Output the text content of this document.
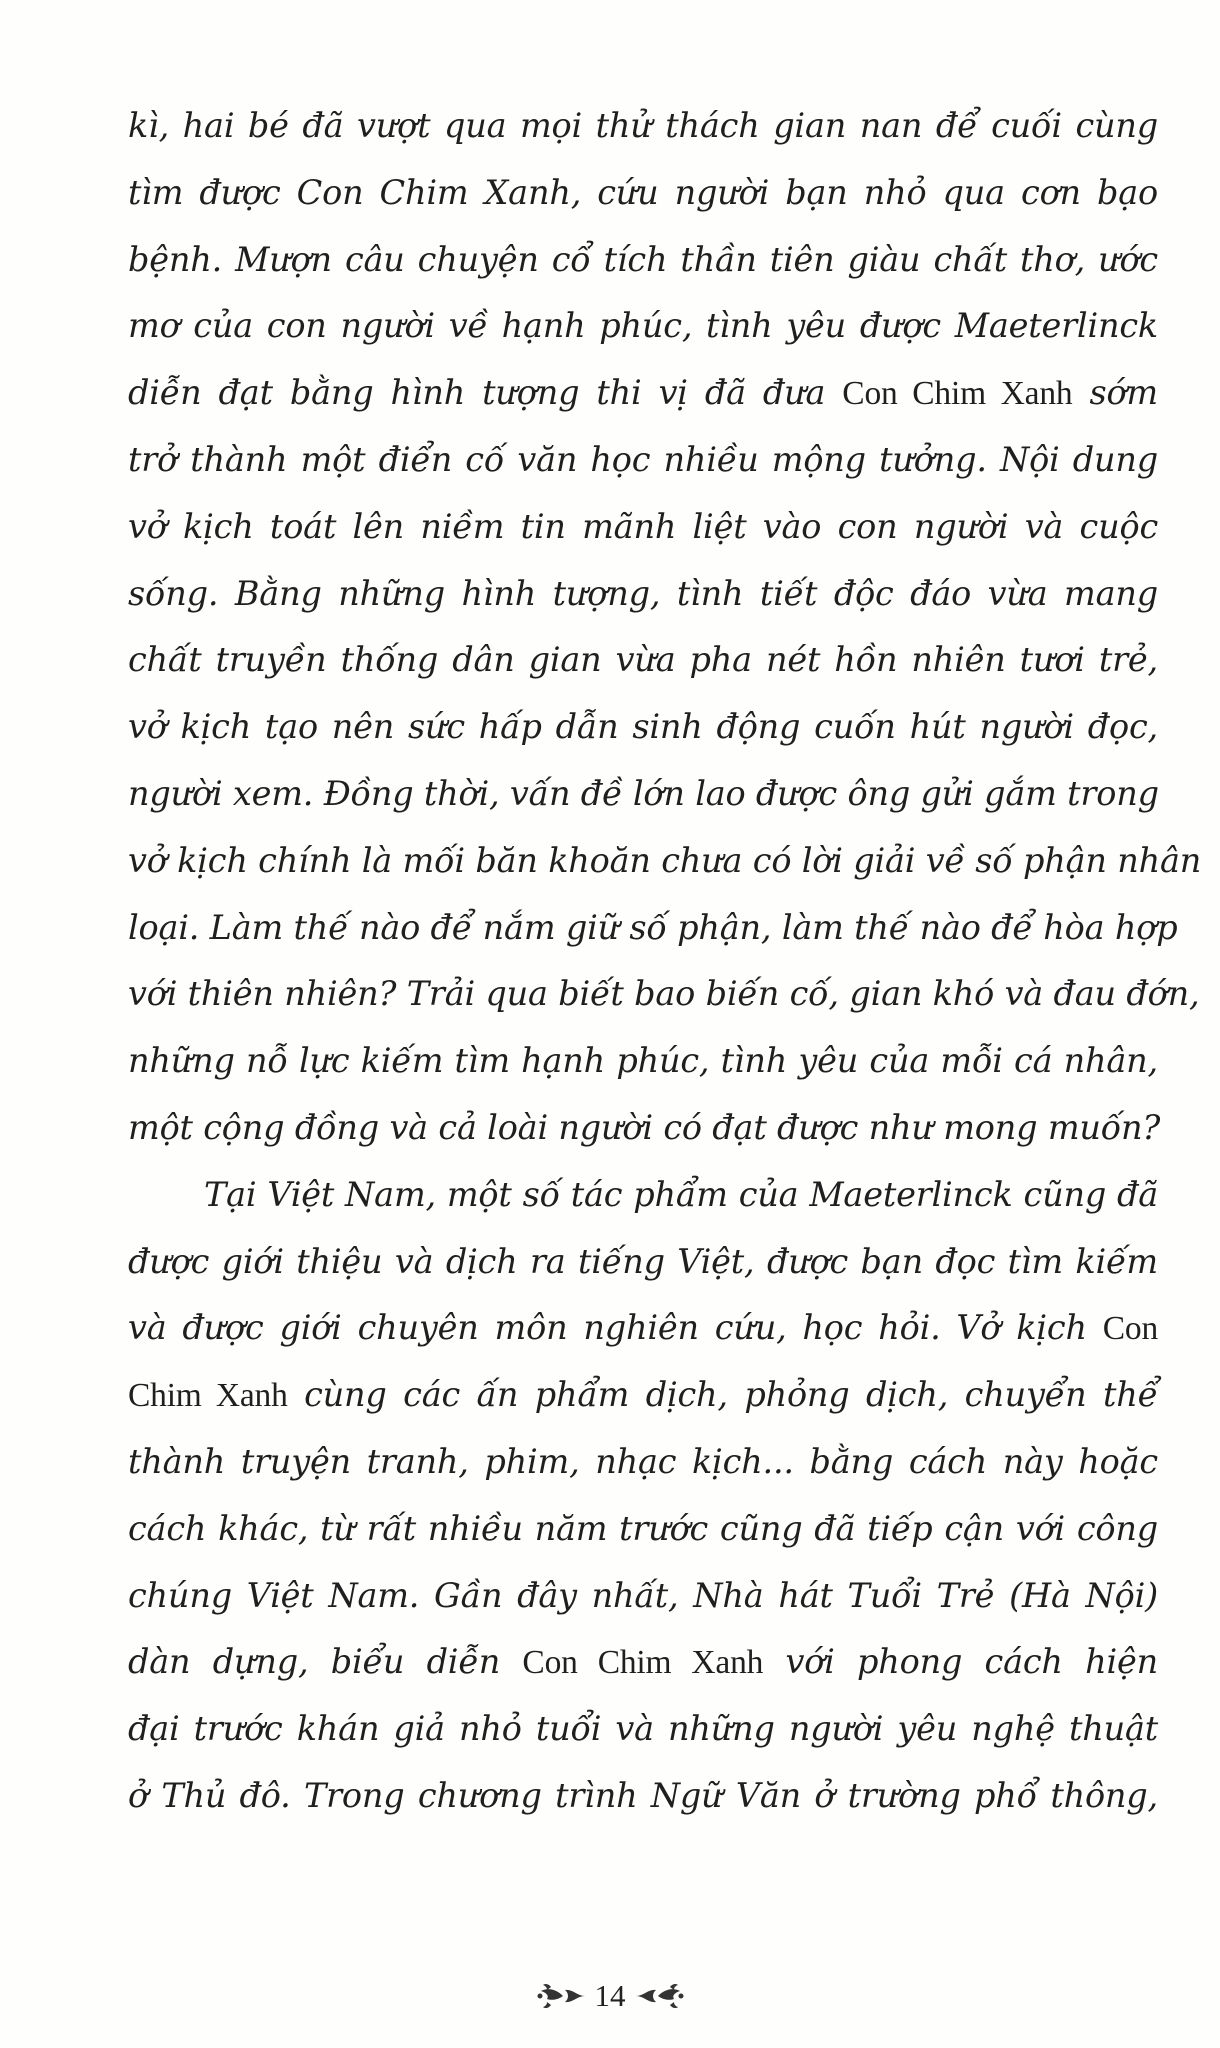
kì, hai bé đã vượt qua mọi thử thách gian nan để cuối cùng
tìm được Con Chim Xanh, cứu người bạn nhỏ qua cơn bạo
bệnh. Mượn câu chuyện cổ tích thần tiên giàu chất thơ, ước
mơ của con người về hạnh phúc, tình yêu được Maeterlinck
diễn đạt bằng hình tượng thi vị đã đưa Con Chim Xanh sớm
trở thành một điển cố văn học nhiều mộng tưởng. Nội dung
vở kịch toát lên niềm tin mãnh liệt vào con người và cuộc
sống. Bằng những hình tượng, tình tiết độc đáo vừa mang
chất truyền thống dân gian vừa pha nét hồn nhiên tươi trẻ,
vở kịch tạo nên sức hấp dẫn sinh động cuốn hút người đọc,
người xem. Đồng thời, vấn đề lớn lao được ông gửi gắm trong
vở kịch chính là mối băn khoăn chưa có lời giải về số phận nhân
loại. Làm thế nào để nắm giữ số phận, làm thế nào để hòa hợp
với thiên nhiên? Trải qua biết bao biến cố, gian khó và đau đớn,
những nỗ lực kiếm tìm hạnh phúc, tình yêu của mỗi cá nhân,
một cộng đồng và cả loài người có đạt được như mong muốn?
Tại Việt Nam, một số tác phẩm của Maeterlinck cũng đã
được giới thiệu và dịch ra tiếng Việt, được bạn đọc tìm kiếm
và được giới chuyên môn nghiên cứu, học hỏi. Vở kịch Con
Chim Xanh cùng các ấn phẩm dịch, phỏng dịch, chuyển thể
thành truyện tranh, phim, nhạc kịch... bằng cách này hoặc
cách khác, từ rất nhiều năm trước cũng đã tiếp cận với công
chúng Việt Nam. Gần đây nhất, Nhà hát Tuổi Trẻ (Hà Nội)
dàn dựng, biểu diễn Con Chim Xanh với phong cách hiện
đại trước khán giả nhỏ tuổi và những người yêu nghệ thuật
ở Thủ đô. Trong chương trình Ngữ Văn ở trường phổ thông,
14
